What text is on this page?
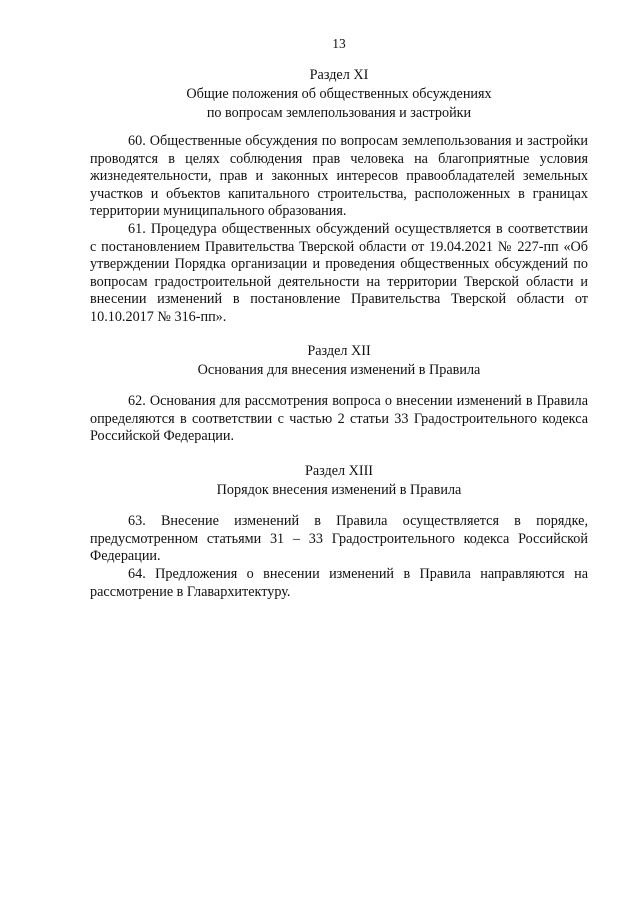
13
Раздел XI
Общие положения об общественных обсуждениях
по вопросам землепользования и застройки

60. Общественные обсуждения по вопросам землепользования и застройки проводятся в целях соблюдения прав человека на благоприятные условия жизнедеятельности, прав и законных интересов правообладателей земельных участков и объектов капитального строительства, расположенных в границах территории муниципального образования.

61. Процедура общественных обсуждений осуществляется в соответствии с постановлением Правительства Тверской области от 19.04.2021 № 227-пп «Об утверждении Порядка организации и проведения общественных обсуждений по вопросам градостроительной деятельности на территории Тверской области и внесении изменений в постановление Правительства Тверской области от 10.10.2017 № 316-пп».

Раздел XII
Основания для внесения изменений в Правила

62. Основания для рассмотрения вопроса о внесении изменений в Правила определяются в соответствии с частью 2 статьи 33 Градостроительного кодекса Российской Федерации.

Раздел XIII
Порядок внесения изменений в Правила

63. Внесение изменений в Правила осуществляется в порядке, предусмотренном статьями 31 – 33 Градостроительного кодекса Российской Федерации.

64. Предложения о внесении изменений в Правила направляются на рассмотрение в Главархитектуру.
